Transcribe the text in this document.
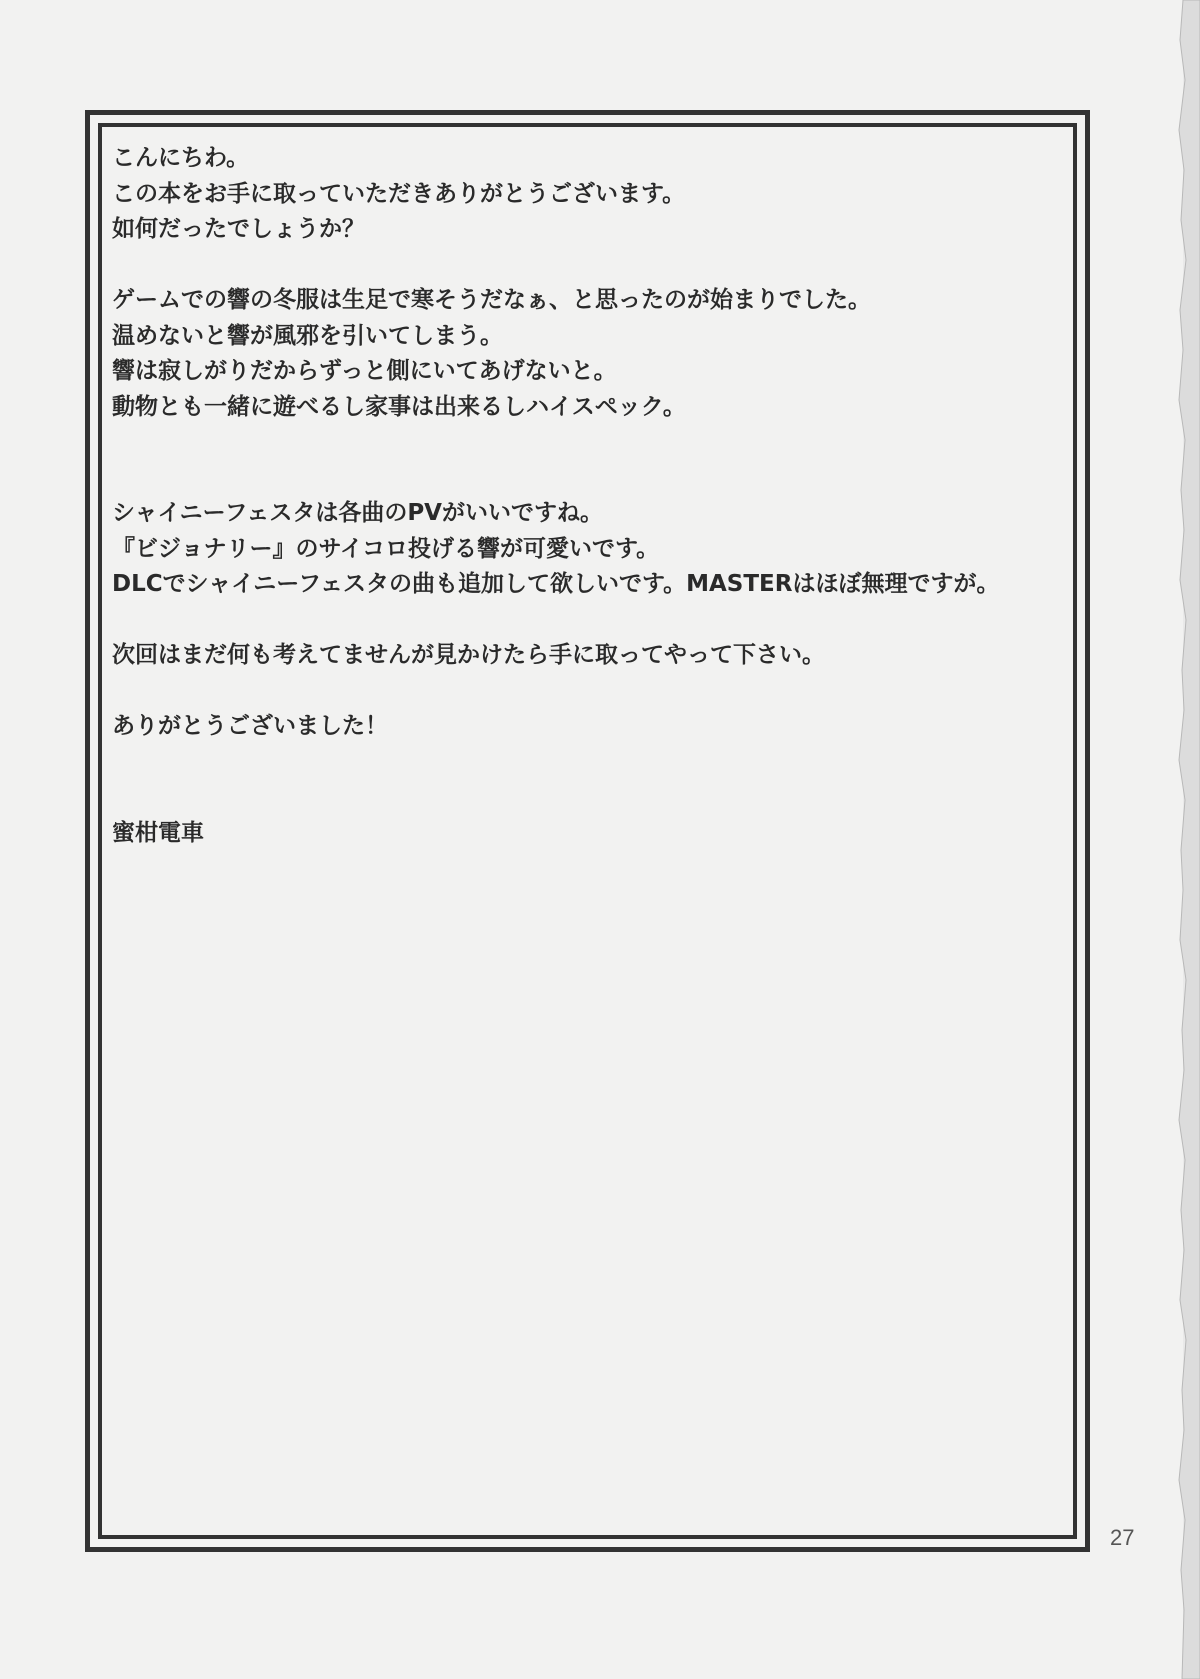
こんにちわ。

この本をお手に取っていただきありがとうございます。

如何だったでしょうか？

ゲームでの響の冬服は生足で寒そうだなぁ、と思ったのが始まりでした。

温めないと響が風邪を引いてしまう。

響は寂しがりだからずっと側にいてあげないと。

動物とも一緒に遊べるし家事は出来るしハイスペック。

シャイニーフェスタは各曲のPVがいいですね。

『ビジョナリー』のサイコロ投げる響が可愛いです。

DLCでシャイニーフェスタの曲も追加して欲しいです。MASTERはほぼ無理ですが。

次回はまだ何も考えてませんが見かけたら手に取ってやって下さい。

ありがとうございました！

蜜柑電車

27
